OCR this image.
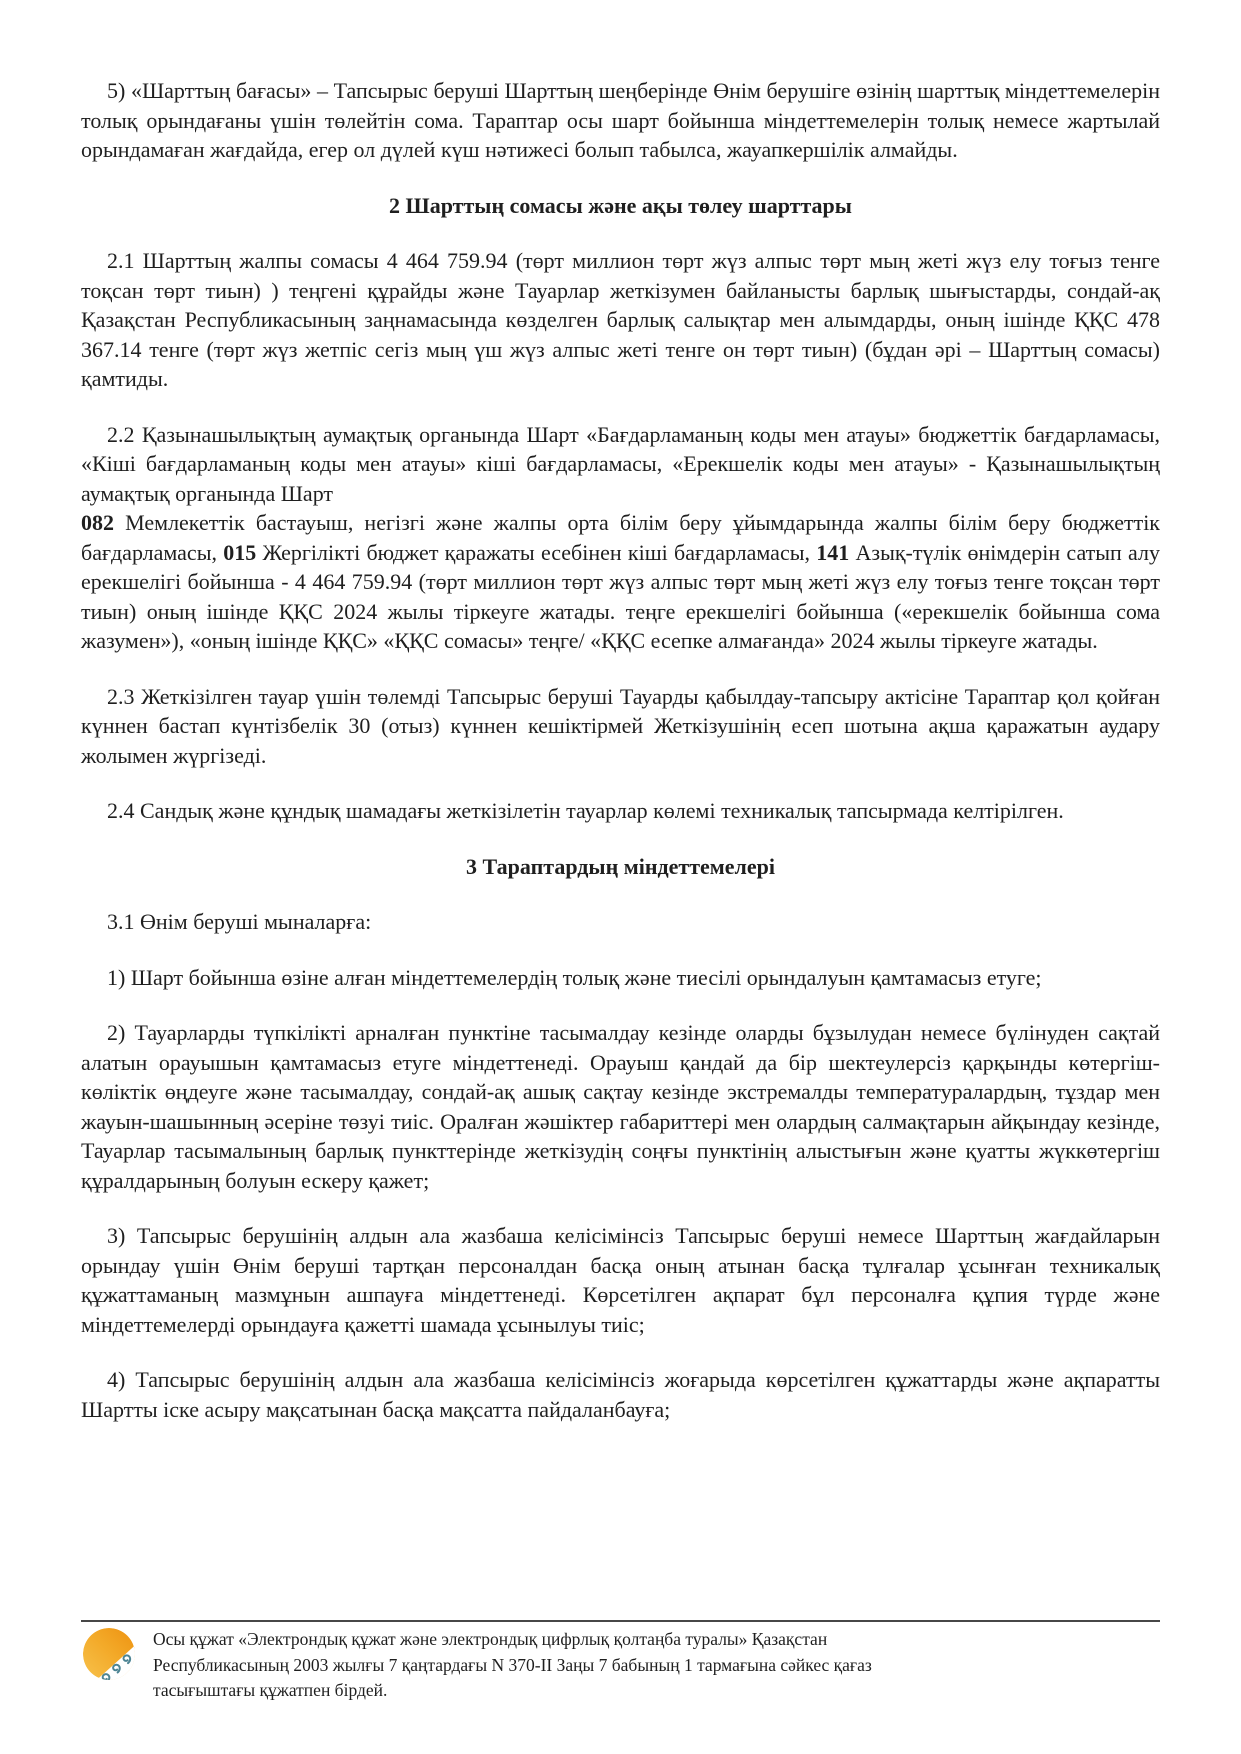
5) «Шарттың бағасы» – Тапсырыс беруші Шарттың шеңберінде Өнім берушіге өзінің шарттық міндеттемелерін толық орындағаны үшін төлейтін сома. Тараптар осы шарт бойынша міндеттемелерін толық немесе жартылай орындамаған жағдайда, егер ол дүлей күш нәтижесі болып табылса, жауапкершілік алмайды.

2 Шарттың сомасы және ақы төлеу шарттары

2.1 Шарттың жалпы сомасы 4 464 759.94 (төрт миллион төрт жүз алпыс төрт мың жеті жүз елу тоғыз тенге тоқсан төрт тиын) ) теңгені құрайды және Тауарлар жеткізумен байланысты барлық шығыстарды, сондай-ақ Қазақстан Республикасының заңнамасында көзделген барлық салықтар мен алымдарды, оның ішінде ҚҚС 478 367.14 тенге (төрт жүз жетпіс сегіз мың үш жүз алпыс жеті тенге он төрт тиын) (бұдан әрі – Шарттың сомасы) қамтиды.

2.2 Қазынашылықтың аумақтық органында Шарт «Бағдарламаның коды мен атауы» бюджеттік бағдарламасы, «Кіші бағдарламаның коды мен атауы» кіші бағдарламасы, «Ерекшелік коды мен атауы» - Қазынашылықтың аумақтық органында Шарт
082 Мемлекеттік бастауыш, негізгі және жалпы орта білім беру ұйымдарында жалпы білім беру бюджеттік бағдарламасы, 015 Жергілікті бюджет қаражаты есебінен кіші бағдарламасы, 141 Азық-түлік өнімдерін сатып алу ерекшелігі бойынша - 4 464 759.94 (төрт миллион төрт жүз алпыс төрт мың жеті жүз елу тоғыз тенге тоқсан төрт тиын) оның ішінде ҚҚС 2024 жылы тіркеуге жатады. теңге ерекшелігі бойынша («ерекшелік бойынша сома жазумен»), «оның ішінде ҚҚС» «ҚҚС сомасы» теңге/ «ҚҚС есепке алмағанда» 2024 жылы тіркеуге жатады.

2.3 Жеткізілген тауар үшін төлемді Тапсырыс беруші Тауарды қабылдау-тапсыру актісіне Тараптар қол қойған күннен бастап күнтізбелік 30 (отыз) күннен кешіктірмей Жеткізушінің есеп шотына ақша қаражатын аудару жолымен жүргізеді.

2.4 Сандық және құндық шамадағы жеткізілетін тауарлар көлемі техникалық тапсырмада келтірілген.

3 Тараптардың міндеттемелері

3.1 Өнім беруші мыналарға:

1) Шарт бойынша өзіне алған міндеттемелердің толық және тиесілі орындалуын қамтамасыз етуге;

2) Тауарларды түпкілікті арналған пунктіне тасымалдау кезінде оларды бұзылудан немесе бүлінуден сақтай алатын орауышын қамтамасыз етуге міндеттенеді. Орауыш қандай да бір шектеулерсіз қарқынды көтергіш-көліктік өңдеуге және тасымалдау, сондай-ақ ашық сақтау кезінде экстремалды температуралардың, тұздар мен жауын-шашынның әсеріне төзуі тиіс. Оралған жәшіктер габариттері мен олардың салмақтарын айқындау кезінде, Тауарлар тасымалының барлық пункттерінде жеткізудің соңғы пунктінің алыстығын және қуатты жүккөтергіш құралдарының болуын ескеру қажет;

3) Тапсырыс берушінің алдын ала жазбаша келісімінсіз Тапсырыс беруші немесе Шарттың жағдайларын орындау үшін Өнім беруші тартқан персоналдан басқа оның атынан басқа тұлғалар ұсынған техникалық құжаттаманың мазмұнын ашпауға міндеттенеді. Көрсетілген ақпарат бұл персоналға құпия түрде және міндеттемелерді орындауға қажетті шамада ұсынылуы тиіс;

4) Тапсырыс берушінің алдын ала жазбаша келісімінсіз жоғарыда көрсетілген құжаттарды және ақпаратты Шартты іске асыру мақсатынан басқа мақсатта пайдаланбауға;

Осы құжат «Электрондық құжат және электрондық цифрлық қолтаңба туралы» Қазақстан Республикасының 2003 жылғы 7 қаңтардағы N 370-II Заңы 7 бабының 1 тармағына сәйкес қағаз тасығыштағы құжатпен бірдей.
